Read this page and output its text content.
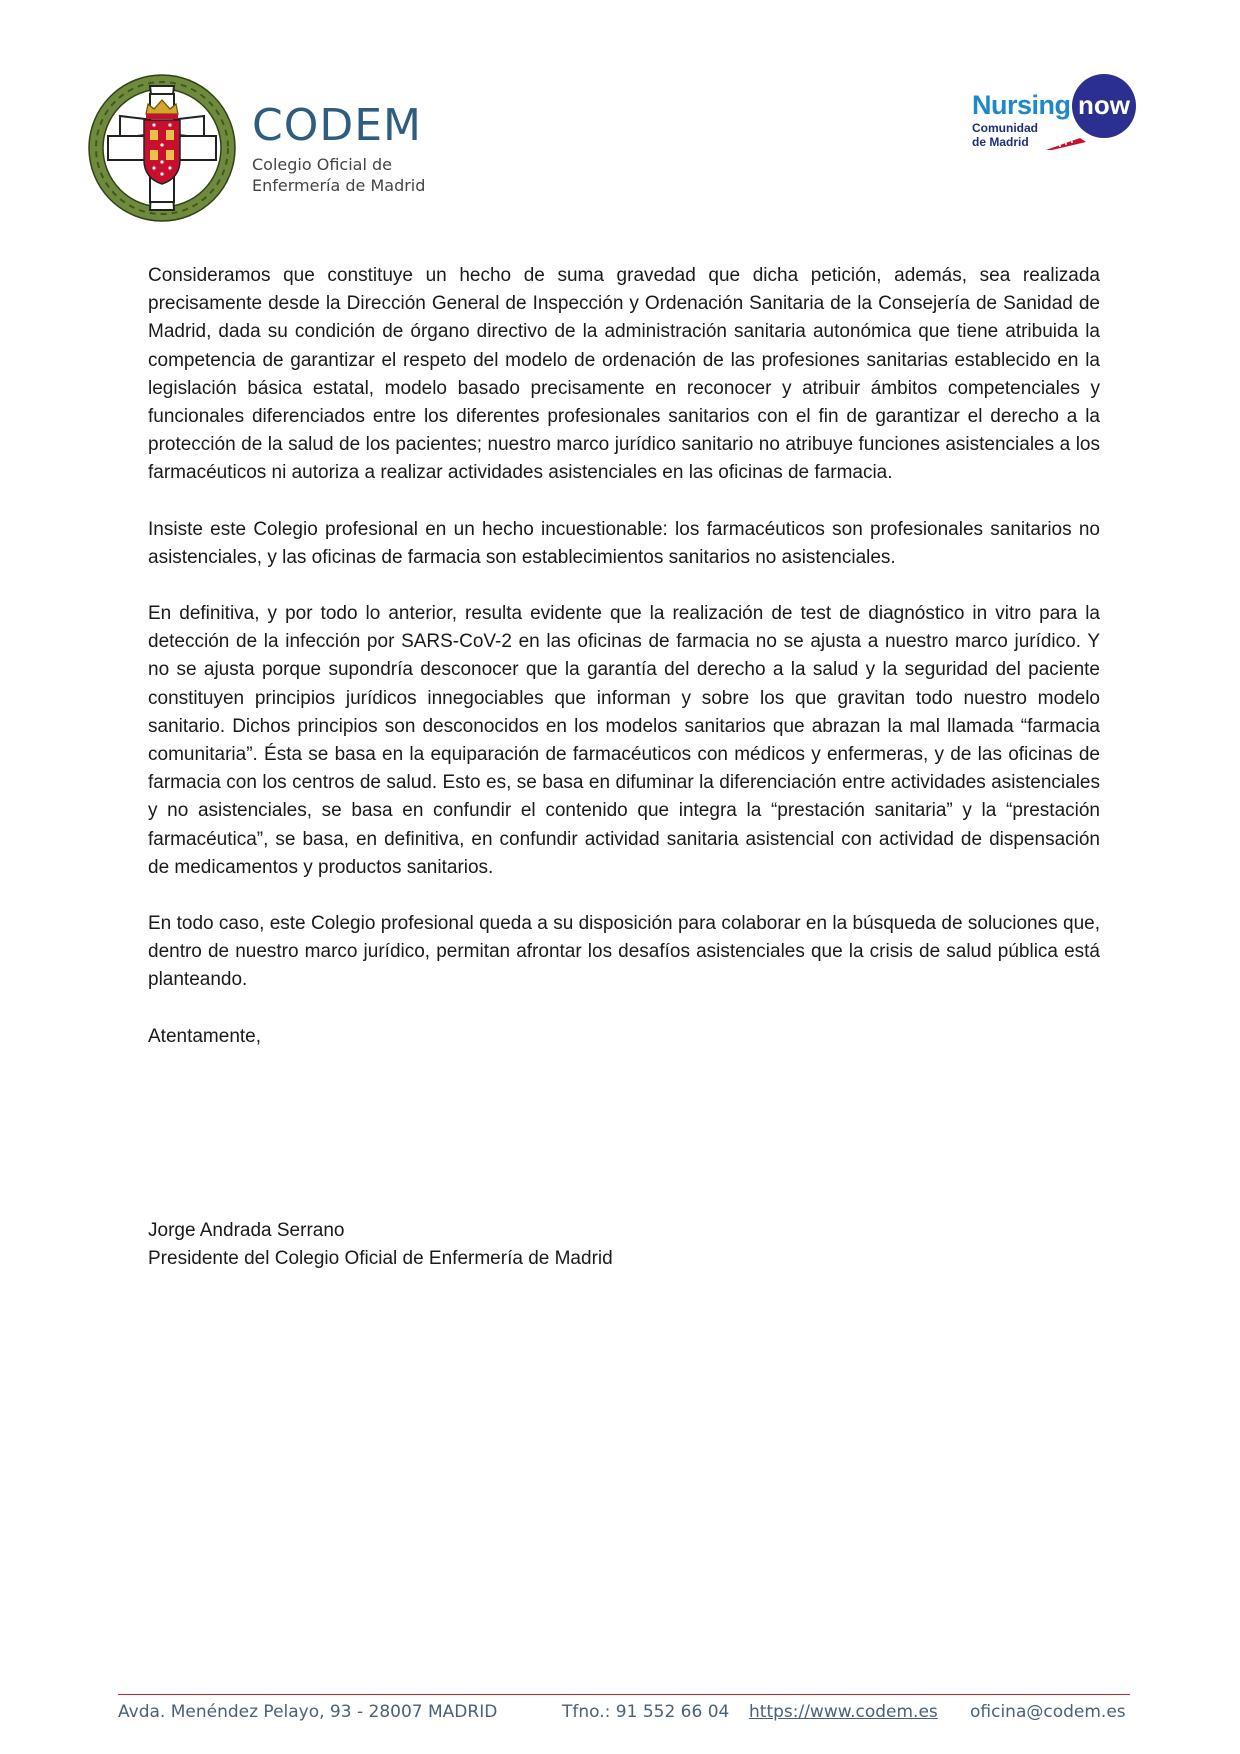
CODEM
Colegio Oficial de
Enfermería de Madrid
now
Nursing
Comunidad
de Madrid

Consideramos que constituye un hecho de suma gravedad que dicha petición, además, sea realizada precisamente desde la Dirección General de Inspección y Ordenación Sanitaria de la Consejería de Sanidad de Madrid, dada su condición de órgano directivo de la administración sanitaria autonómica que tiene atribuida la competencia de garantizar el respeto del modelo de ordenación de las profesiones sanitarias establecido en la legislación básica estatal, modelo basado precisamente en reconocer y atribuir ámbitos competenciales y funcionales diferenciados entre los diferentes profesionales sanitarios con el fin de garantizar el derecho a la protección de la salud de los pacientes; nuestro marco jurídico sanitario no atribuye funciones asistenciales a los farmacéuticos ni autoriza a realizar actividades asistenciales en las oficinas de farmacia.

Insiste este Colegio profesional en un hecho incuestionable: los farmacéuticos son profesionales sanitarios no asistenciales, y las oficinas de farmacia son establecimientos sanitarios no asistenciales.

En definitiva, y por todo lo anterior, resulta evidente que la realización de test de diagnóstico in vitro para la detección de la infección por SARS-CoV-2 en las oficinas de farmacia no se ajusta a nuestro marco jurídico. Y no se ajusta porque supondría desconocer que la garantía del derecho a la salud y la seguridad del paciente constituyen principios jurídicos innegociables que informan y sobre los que gravitan todo nuestro modelo sanitario. Dichos principios son desconocidos en los modelos sanitarios que abrazan la mal llamada “farmacia comunitaria”. Ésta se basa en la equiparación de farmacéuticos con médicos y enfermeras, y de las oficinas de farmacia con los centros de salud. Esto es, se basa en difuminar la diferenciación entre actividades asistenciales y no asistenciales, se basa en confundir el contenido que integra la “prestación sanitaria” y la “prestación farmacéutica”, se basa, en definitiva, en confundir actividad sanitaria asistencial con actividad de dispensación de medicamentos y productos sanitarios.

En todo caso, este Colegio profesional queda a su disposición para colaborar en la búsqueda de soluciones que, dentro de nuestro marco jurídico, permitan afrontar los desafíos asistenciales que la crisis de salud pública está planteando.

Atentamente,

Jorge Andrada Serrano
Presidente del Colegio Oficial de Enfermería de Madrid
Avda. Menéndez Pelayo, 93 - 28007 MADRID	Tfno.: 91 552 66 04 https://www.codem.es oficina@codem.es
